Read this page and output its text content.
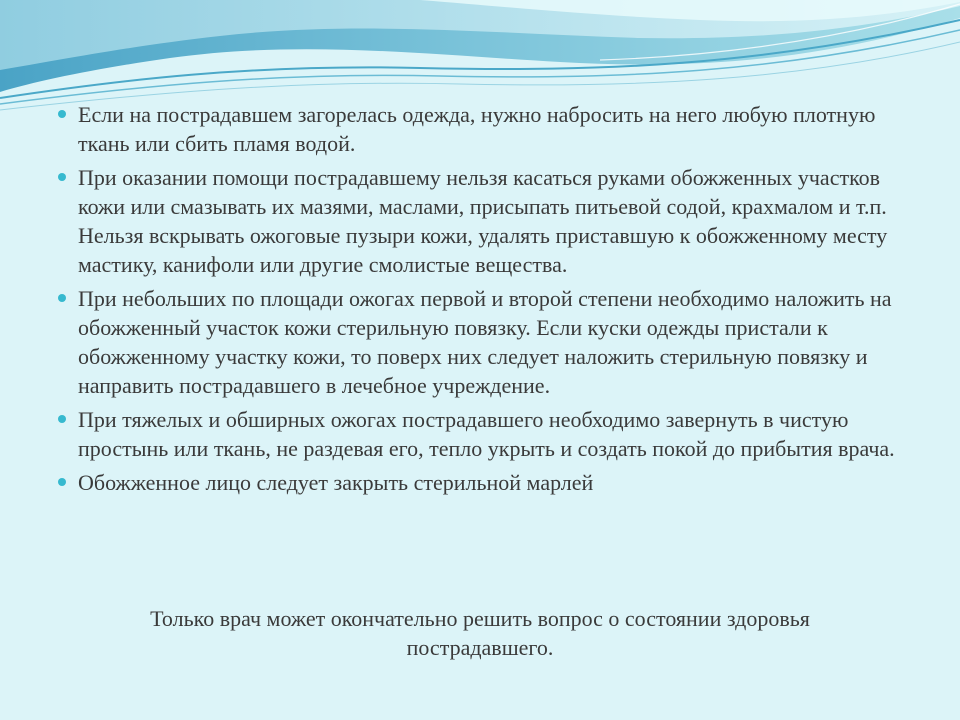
Если на пострадавшем загорелась одежда, нужно набросить на него любую плотную ткань или сбить пламя водой.
При оказании помощи пострадавшему нельзя касаться руками обожженных участков кожи или смазывать их мазями, маслами, присыпать питьевой содой, крахмалом и т.п. Нельзя вскрывать ожоговые пузыри кожи, удалять приставшую к обожженному месту мастику, канифоли или другие смолистые вещества.
При небольших по площади ожогах первой и второй степени необходимо наложить на обожженный участок кожи стерильную повязку. Если куски одежды пристали к обожженному участку кожи, то поверх них следует наложить стерильную повязку и направить пострадавшего в лечебное учреждение.
При тяжелых и обширных ожогах пострадавшего необходимо завернуть в чистую простынь или ткань, не раздевая его, тепло укрыть и создать покой до прибытия врача.
Обожженное лицо следует закрыть стерильной марлей
Только врач может окончательно решить вопрос о состоянии здоровья пострадавшего.
